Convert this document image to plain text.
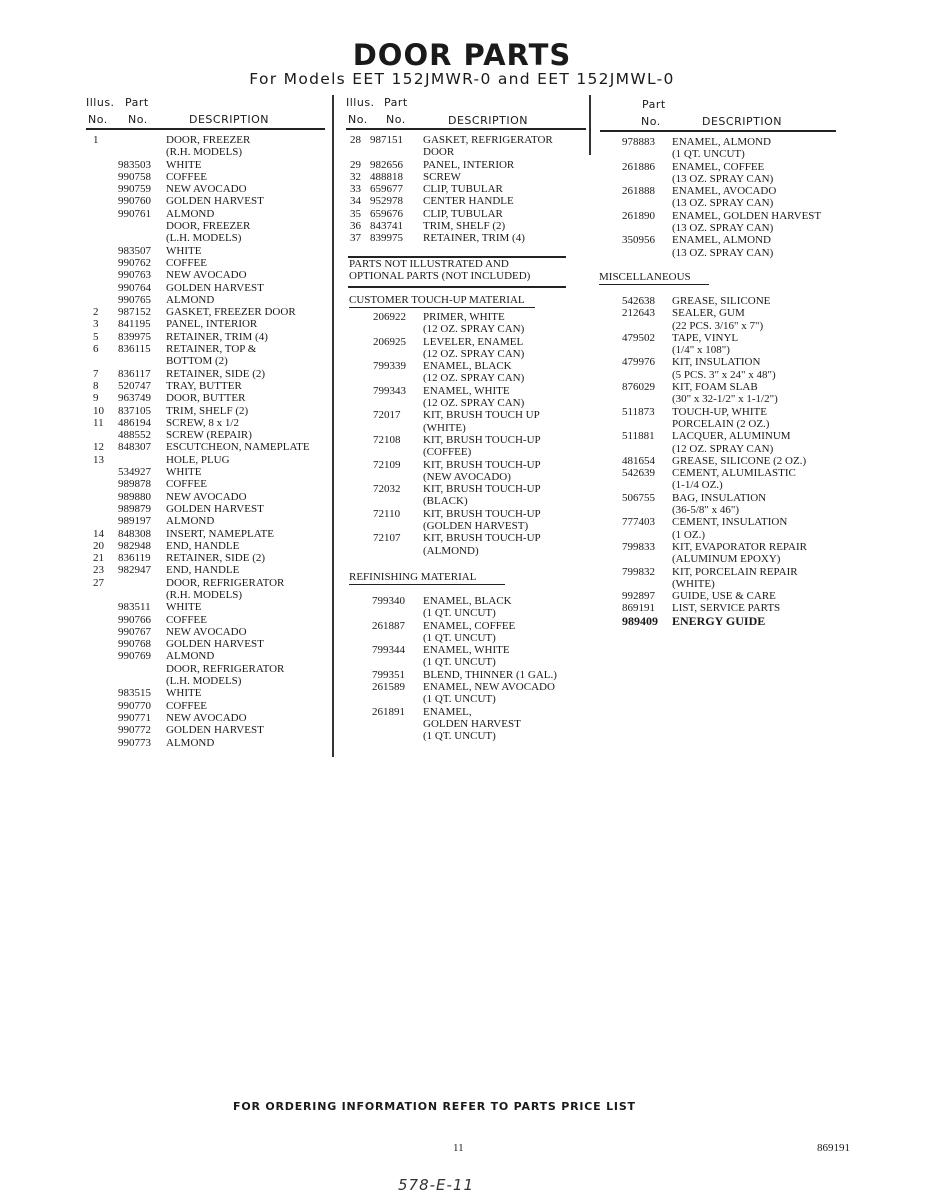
DOOR PARTS
For Models EET 152JMWR-0 and EET 152JMWL-0
Illus. Part
No. No.	DESCRIPTION
Illus. Part
No. No.	DESCRIPTION
Part
No.	DESCRIPTION
1	DOOR, FREEZER
(R.H. MODELS)
983503 WHITE
990758 COFFEE
990759 NEW AVOCADO
990760 GOLDEN HARVEST
990761 ALMOND
DOOR, FREEZER
(L.H. MODELS)
983507 WHITE
990762 COFFEE
990763 NEW AVOCADO
990764 GOLDEN HARVEST
990765 ALMOND
2 987152 GASKET, FREEZER DOOR
3 841195 PANEL, INTERIOR
5 839975 RETAINER, TRIM (4)
6 836115 RETAINER, TOP &
BOTTOM (2)
7 836117 RETAINER, SIDE (2)
8 520747 TRAY, BUTTER
9 963749 DOOR, BUTTER
10 837105 TRIM, SHELF (2)
11 486194 SCREW, 8 x 1/2
488552 SCREW (REPAIR)
12 848307 ESCUTCHEON, NAMEPLATE
13	HOLE, PLUG
534927 WHITE
989878 COFFEE
989880 NEW AVOCADO
989879 GOLDEN HARVEST
989197 ALMOND
14 848308 INSERT, NAMEPLATE
20 982948 END, HANDLE
21 836119 RETAINER, SIDE (2)
23 982947 END, HANDLE
27	DOOR, REFRIGERATOR
(R.H. MODELS)
983511 WHITE
990766 COFFEE
990767 NEW AVOCADO
990768 GOLDEN HARVEST
990769 ALMOND
DOOR, REFRIGERATOR
(L.H. MODELS)
983515 WHITE
990770 COFFEE
990771 NEW AVOCADO
990772 GOLDEN HARVEST
990773 ALMOND
28 987151 GASKET, REFRIGERATOR
DOOR
29 982656 PANEL, INTERIOR
32 488818 SCREW
33 659677 CLIP, TUBULAR
34 952978 CENTER HANDLE
35 659676 CLIP, TUBULAR
36 843741 TRIM, SHELF (2)
37 839975 RETAINER, TRIM (4)
PARTS NOT ILLUSTRATED AND
OPTIONAL PARTS (NOT INCLUDED)
CUSTOMER TOUCH-UP MATERIAL
206922 PRIMER, WHITE
(12 OZ. SPRAY CAN)
206925 LEVELER, ENAMEL
(12 OZ. SPRAY CAN)
799339 ENAMEL, BLACK
(12 OZ. SPRAY CAN)
799343 ENAMEL, WHITE
(12 OZ. SPRAY CAN)
72017 KIT, BRUSH TOUCH UP
(WHITE)
72108 KIT, BRUSH TOUCH-UP
(COFFEE)
72109 KIT, BRUSH TOUCH-UP
(NEW AVOCADO)
72032 KIT, BRUSH TOUCH-UP
(BLACK)
72110 KIT, BRUSH TOUCH-UP
(GOLDEN HARVEST)
72107 KIT, BRUSH TOUCH-UP
(ALMOND)
REFINISHING MATERIAL
799340 ENAMEL, BLACK
(1 QT. UNCUT)
261887 ENAMEL, COFFEE
(1 QT. UNCUT)
799344 ENAMEL, WHITE
(1 QT. UNCUT)
799351 BLEND, THINNER (1 GAL.)
261589 ENAMEL, NEW AVOCADO
(1 QT. UNCUT)
261891 ENAMEL,
GOLDEN HARVEST
(1 QT. UNCUT)
978883 ENAMEL, ALMOND
(1 QT. UNCUT)
261886 ENAMEL, COFFEE
(13 OZ. SPRAY CAN)
261888 ENAMEL, AVOCADO
(13 OZ. SPRAY CAN)
261890 ENAMEL, GOLDEN HARVEST
(13 OZ. SPRAY CAN)
350956 ENAMEL, ALMOND
(13 OZ. SPRAY CAN)
MISCELLANEOUS
542638 GREASE, SILICONE
212643 SEALER, GUM
(22 PCS. 3/16" x 7")
479502 TAPE, VINYL
(1/4" x 108")
479976 KIT, INSULATION
(5 PCS. 3" x 24" x 48")
876029 KIT, FOAM SLAB
(30" x 32-1/2" x 1-1/2")
511873 TOUCH-UP, WHITE
PORCELAIN (2 OZ.)
511881 LACQUER, ALUMINUM
(12 OZ. SPRAY CAN)
481654 GREASE, SILICONE (2 OZ.)
542639 CEMENT, ALUMILASTIC
(1-1/4 OZ.)
506755 BAG, INSULATION
(36-5/8" x 46")
777403 CEMENT, INSULATION
(1 OZ.)
799833 KIT, EVAPORATOR REPAIR
(ALUMINUM EPOXY)
799832 KIT, PORCELAIN REPAIR
(WHITE)
992897 GUIDE, USE & CARE
869191 LIST, SERVICE PARTS
989409 ENERGY GUIDE
FOR ORDERING INFORMATION REFER TO PARTS PRICE LIST
11	869191
578-E-11
